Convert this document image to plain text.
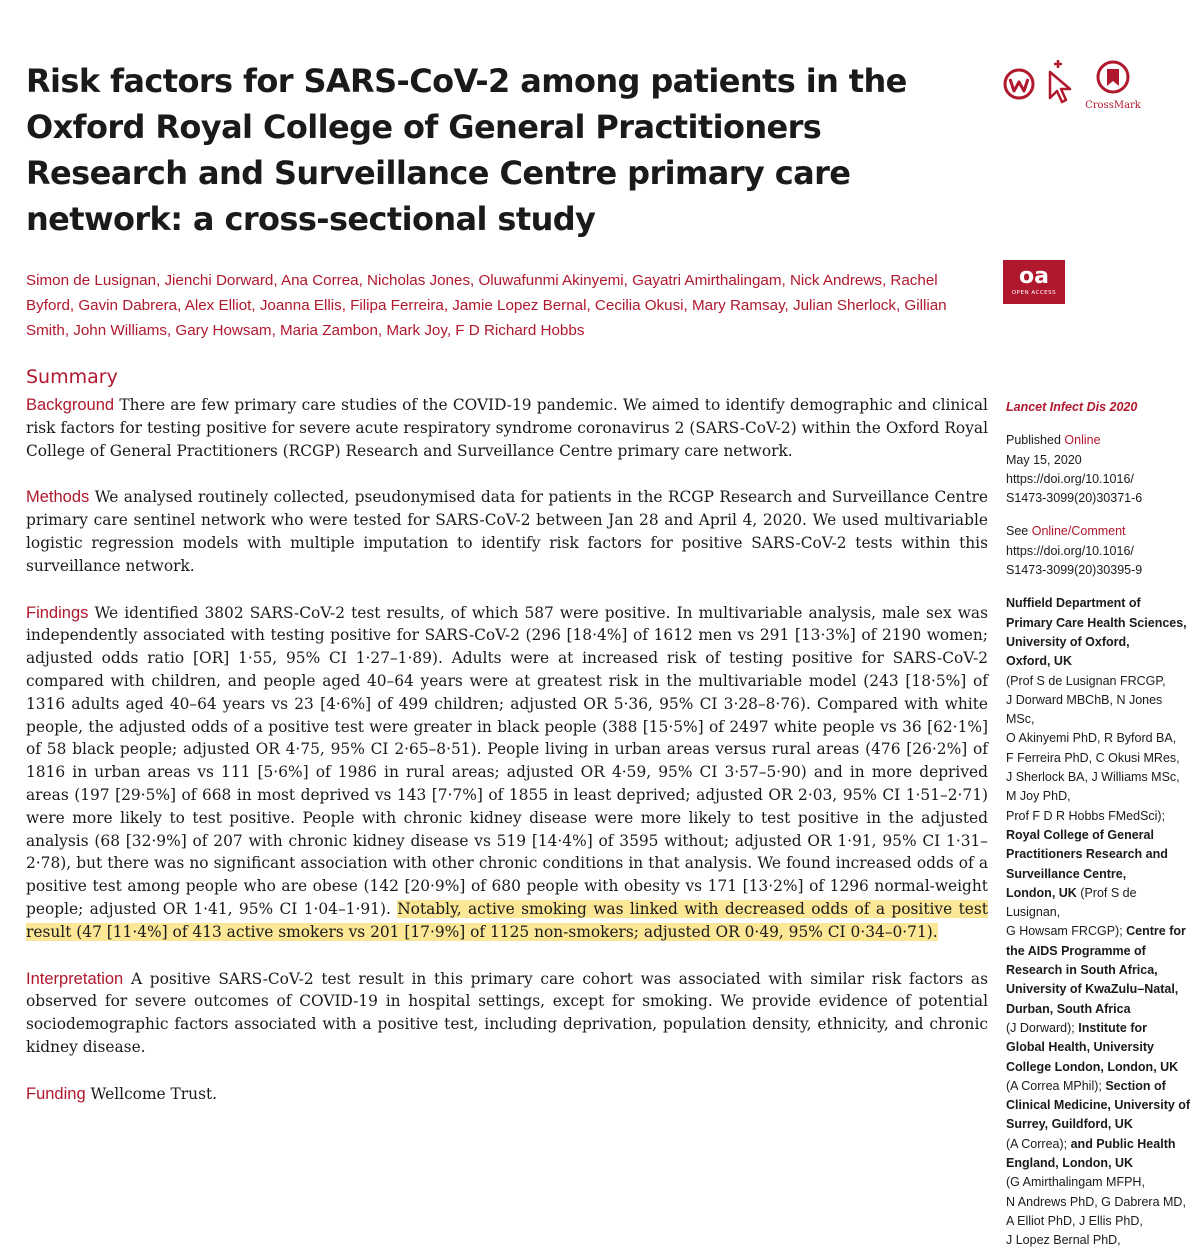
Risk factors for SARS-CoV-2 among patients in the Oxford Royal College of General Practitioners Research and Surveillance Centre primary care network: a cross-sectional study
CrossMark
oa
OPEN ACCESS

Simon de Lusignan, Jienchi Dorward, Ana Correa, Nicholas Jones, Oluwafunmi Akinyemi, Gayatri Amirthalingam, Nick Andrews, Rachel Byford, Gavin Dabrera, Alex Elliot, Joanna Ellis, Filipa Ferreira, Jamie Lopez Bernal, Cecilia Okusi, Mary Ramsay, Julian Sherlock, Gillian Smith, John Williams, Gary Howsam, Maria Zambon, Mark Joy, F D Richard Hobbs

Summary

Background There are few primary care studies of the COVID-19 pandemic. We aimed to identify demographic and clinical risk factors for testing positive for severe acute respiratory syndrome coronavirus 2 (SARS-CoV-2) within the Oxford Royal College of General Practitioners (RCGP) Research and Surveillance Centre primary care network.

Methods We analysed routinely collected, pseudonymised data for patients in the RCGP Research and Surveillance Centre primary care sentinel network who were tested for SARS-CoV-2 between Jan 28 and April 4, 2020. We used multivariable logistic regression models with multiple imputation to identify risk factors for positive SARS-CoV-2 tests within this surveillance network.

Findings We identified 3802 SARS-CoV-2 test results, of which 587 were positive. In multivariable analysis, male sex was independently associated with testing positive for SARS-CoV-2 (296 [18·4%] of 1612 men vs 291 [13·3%] of 2190 women; adjusted odds ratio [OR] 1·55, 95% CI 1·27–1·89). Adults were at increased risk of testing positive for SARS-CoV-2 compared with children, and people aged 40–64 years were at greatest risk in the multivariable model (243 [18·5%] of 1316 adults aged 40–64 years vs 23 [4·6%] of 499 children; adjusted OR 5·36, 95% CI 3·28–8·76). Compared with white people, the adjusted odds of a positive test were greater in black people (388 [15·5%] of 2497 white people vs 36 [62·1%] of 58 black people; adjusted OR 4·75, 95% CI 2·65–8·51). People living in urban areas versus rural areas (476 [26·2%] of 1816 in urban areas vs 111 [5·6%] of 1986 in rural areas; adjusted OR 4·59, 95% CI 3·57–5·90) and in more deprived areas (197 [29·5%] of 668 in most deprived vs 143 [7·7%] of 1855 in least deprived; adjusted OR 2·03, 95% CI 1·51–2·71) were more likely to test positive. People with chronic kidney disease were more likely to test positive in the adjusted analysis (68 [32·9%] of 207 with chronic kidney disease vs 519 [14·4%] of 3595 without; adjusted OR 1·91, 95% CI 1·31–2·78), but there was no significant association with other chronic conditions in that analysis. We found increased odds of a positive test among people who are obese (142 [20·9%] of 680 people with obesity vs 171 [13·2%] of 1296 normal-weight people; adjusted OR 1·41, 95% CI 1·04–1·91). Notably, active smoking was linked with decreased odds of a positive test result (47 [11·4%] of 413 active smokers vs 201 [17·9%] of 1125 non-smokers; adjusted OR 0·49, 95% CI 0·34–0·71).

Interpretation A positive SARS-CoV-2 test result in this primary care cohort was associated with similar risk factors as observed for severe outcomes of COVID-19 in hospital settings, except for smoking. We provide evidence of potential sociodemographic factors associated with a positive test, including deprivation, population density, ethnicity, and chronic kidney disease.

Funding Wellcome Trust.

Lancet Infect Dis 2020

Published Online

May 15, 2020

https://doi.org/10.1016/

S1473-3099(20)30371-6

See Online/Comment

https://doi.org/10.1016/

S1473-3099(20)30395-9

Nuffield Department of

Primary Care Health Sciences,

University of Oxford,

Oxford, UK

(Prof S de Lusignan FRCGP,

J Dorward MBChB, N Jones MSc,

O Akinyemi PhD, R Byford BA,

F Ferreira PhD, C Okusi MRes,

J Sherlock BA, J Williams MSc,

M Joy PhD,

Prof F D R Hobbs FMedSci);

Royal College of General

Practitioners Research and

Surveillance Centre,

London, UK (Prof S de Lusignan,

G Howsam FRCGP); Centre for

the AIDS Programme of

Research in South Africa,

University of KwaZulu–Natal,

Durban, South Africa

(J Dorward); Institute for

Global Health, University

College London, London, UK

(A Correa MPhil); Section of

Clinical Medicine, University of

Surrey, Guildford, UK

(A Correa); and Public Health

England, London, UK

(G Amirthalingam MFPH,

N Andrews PhD, G Dabrera MD,

A Elliot PhD, J Ellis PhD,

J Lopez Bernal PhD,
